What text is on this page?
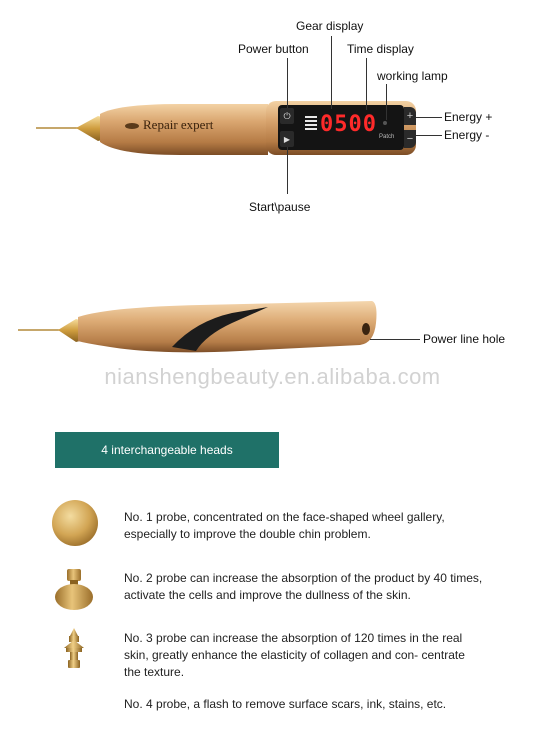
Repair expert
⏻
▶
0500 Patch
+
−
Gear display
Power button	Time display
working lamp
Energy +
Energy -
Start\pause
Power line hole
nianshengbeauty.en.alibaba.com
4 interchangeable heads
No. 1 probe, concentrated on the face-shaped wheel gallery, especially to improve the double chin problem.
No. 2 probe can increase the absorption of the product by 40 times, activate the cells and improve the dullness of the skin.
No. 3 probe can increase the absorption of 120 times in the real skin, greatly enhance the elasticity of collagen and con- centrate the texture.
No. 4 probe, a flash to remove surface scars, ink, stains, etc.
